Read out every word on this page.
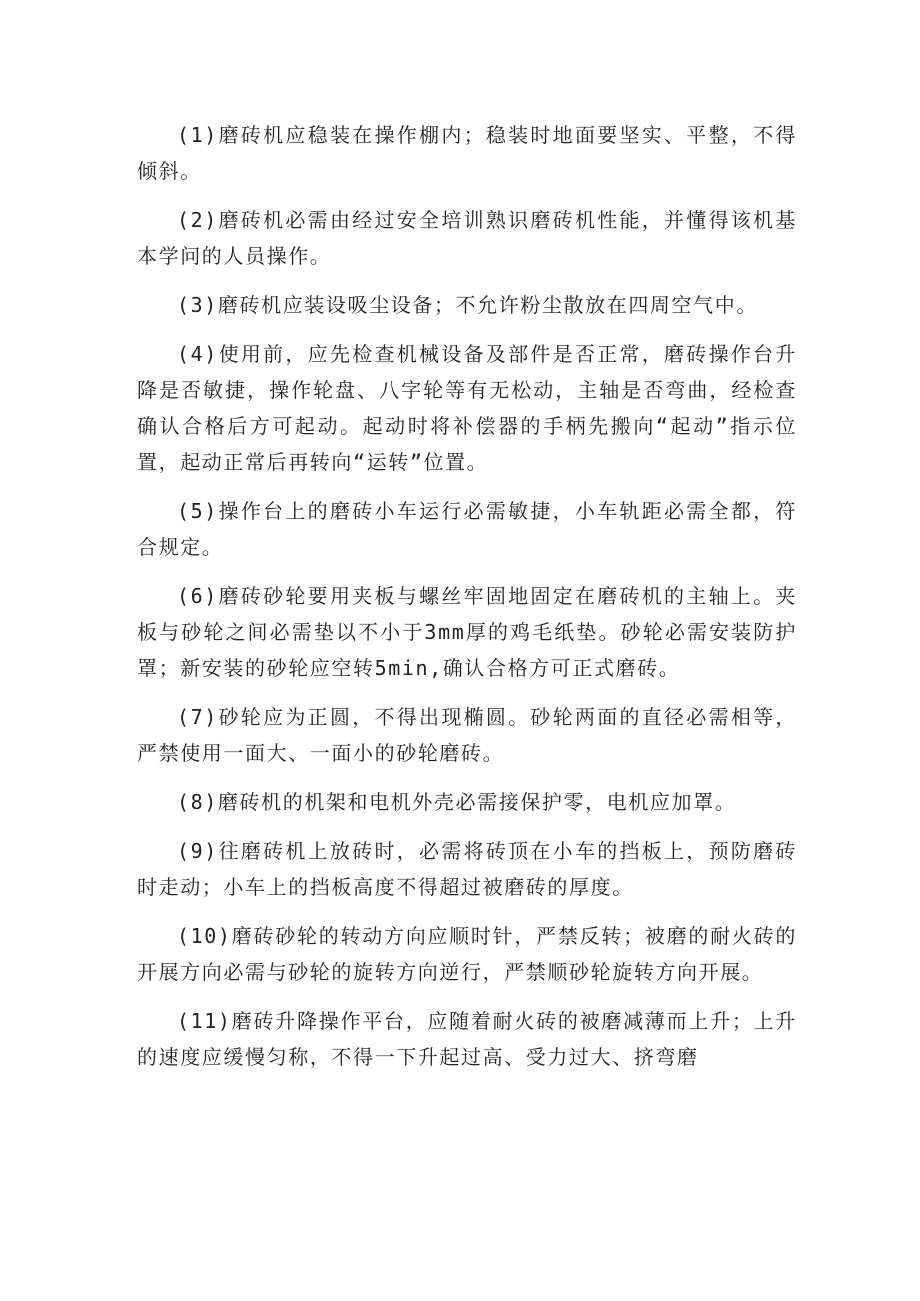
(1)磨砖机应稳装在操作棚内；稳装时地面要坚实、平整，不得倾斜。

(2)磨砖机必需由经过安全培训熟识磨砖机性能，并懂得该机基本学问的人员操作。

(3)磨砖机应装设吸尘设备；不允许粉尘散放在四周空气中。

(4)使用前，应先检查机械设备及部件是否正常，磨砖操作台升降是否敏捷，操作轮盘、八字轮等有无松动，主轴是否弯曲，经检查确认合格后方可起动。起动时将补偿器的手柄先搬向“起动”指示位置，起动正常后再转向“运转”位置。

(5)操作台上的磨砖小车运行必需敏捷，小车轨距必需全都，符合规定。

(6)磨砖砂轮要用夹板与螺丝牢固地固定在磨砖机的主轴上。夹板与砂轮之间必需垫以不小于3mm厚的鸡毛纸垫。砂轮必需安装防护罩；新安装的砂轮应空转5min,确认合格方可正式磨砖。

(7)砂轮应为正圆，不得出现椭圆。砂轮两面的直径必需相等，严禁使用一面大、一面小的砂轮磨砖。

(8)磨砖机的机架和电机外壳必需接保护零，电机应加罩。

(9)往磨砖机上放砖时，必需将砖顶在小车的挡板上，预防磨砖时走动；小车上的挡板高度不得超过被磨砖的厚度。

(10)磨砖砂轮的转动方向应顺时针，严禁反转；被磨的耐火砖的开展方向必需与砂轮的旋转方向逆行，严禁顺砂轮旋转方向开展。

(11)磨砖升降操作平台，应随着耐火砖的被磨减薄而上升；上升的速度应缓慢匀称，不得一下升起过高、受力过大、挤弯磨
